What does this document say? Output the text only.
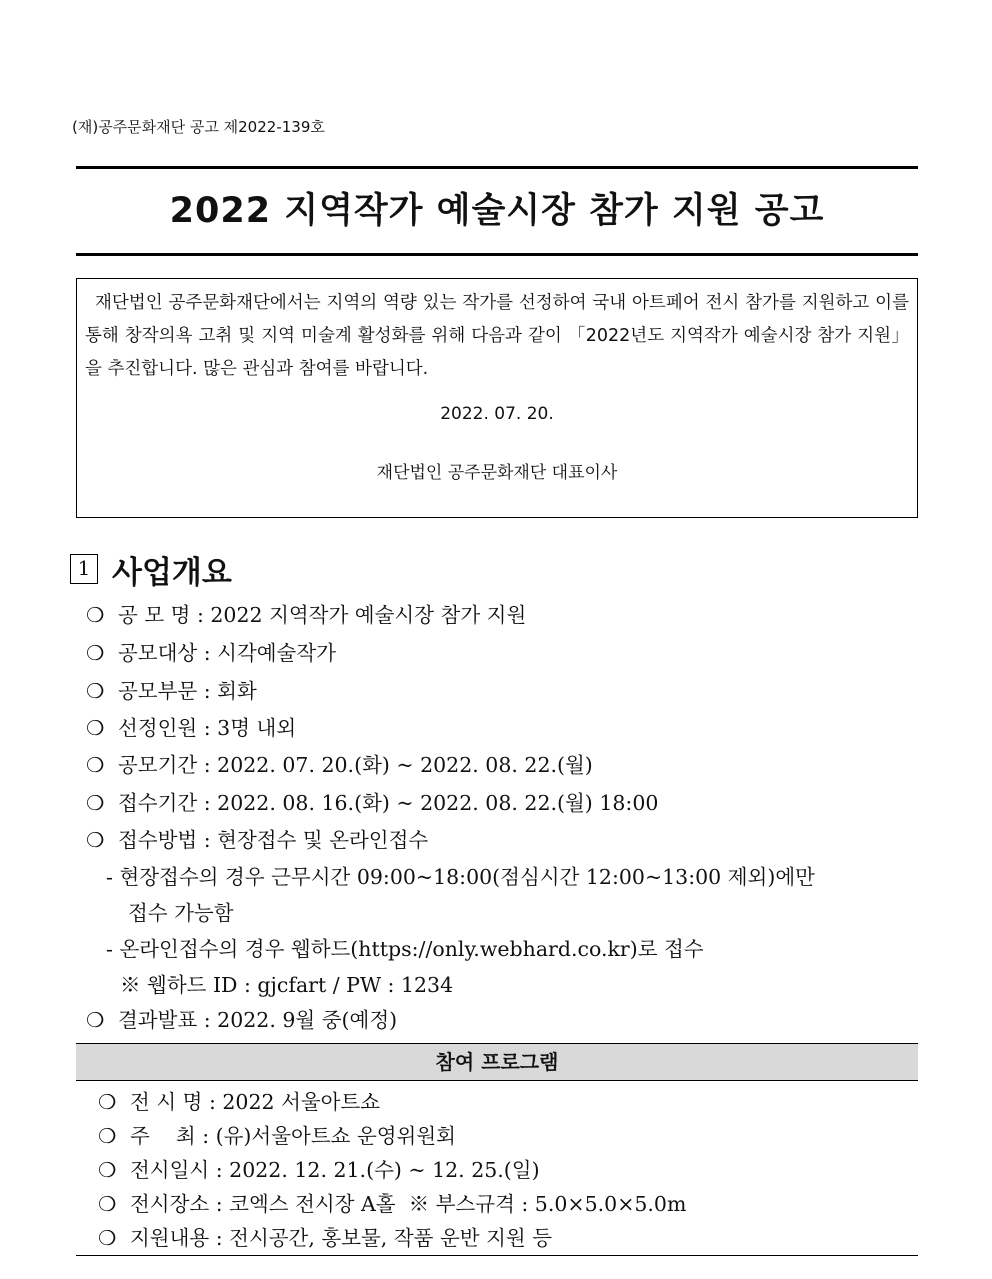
(재)공주문화재단 공고 제2022-139호
2022 지역작가 예술시장 참가 지원 공고

재단법인 공주문화재단에서는 지역의 역량 있는 작가를 선정하여 국내 아트페어 전시 참가를 지원하고 이를 통해 창작의욕 고취 및 지역 미술계 활성화를 위해 다음과 같이 「2022년도 지역작가 예술시장 참가 지원」을 추진합니다. 많은 관심과 참여를 바랍니다.

2022. 07. 20.
재단법인 공주문화재단 대표이사
1 사업개요
❍ 공 모 명 : 2022 지역작가 예술시장 참가 지원
❍ 공모대상 : 시각예술작가
❍ 공모부문 : 회화
❍ 선정인원 : 3명 내외
❍ 공모기간 : 2022. 07. 20.(화) ~ 2022. 08. 22.(월)
❍ 접수기간 : 2022. 08. 16.(화) ~ 2022. 08. 22.(월) 18:00
❍ 접수방법 : 현장접수 및 온라인접수
- 현장접수의 경우 근무시간 09:00~18:00(점심시간 12:00~13:00 제외)에만
접수 가능함
- 온라인접수의 경우 웹하드(https://only.webhard.co.kr)로 접수
※ 웹하드 ID : gjcfart / PW : 1234
❍ 결과발표 : 2022. 9월 중(예정)
참여 프로그램
❍ 전 시 명 : 2022 서울아트쇼
❍ 주    최 : (유)서울아트쇼 운영위원회
❍ 전시일시 : 2022. 12. 21.(수) ~ 12. 25.(일)
❍ 전시장소 : 코엑스 전시장 A홀  ※ 부스규격 : 5.0×5.0×5.0m
❍ 지원내용 : 전시공간, 홍보물, 작품 운반 지원 등
